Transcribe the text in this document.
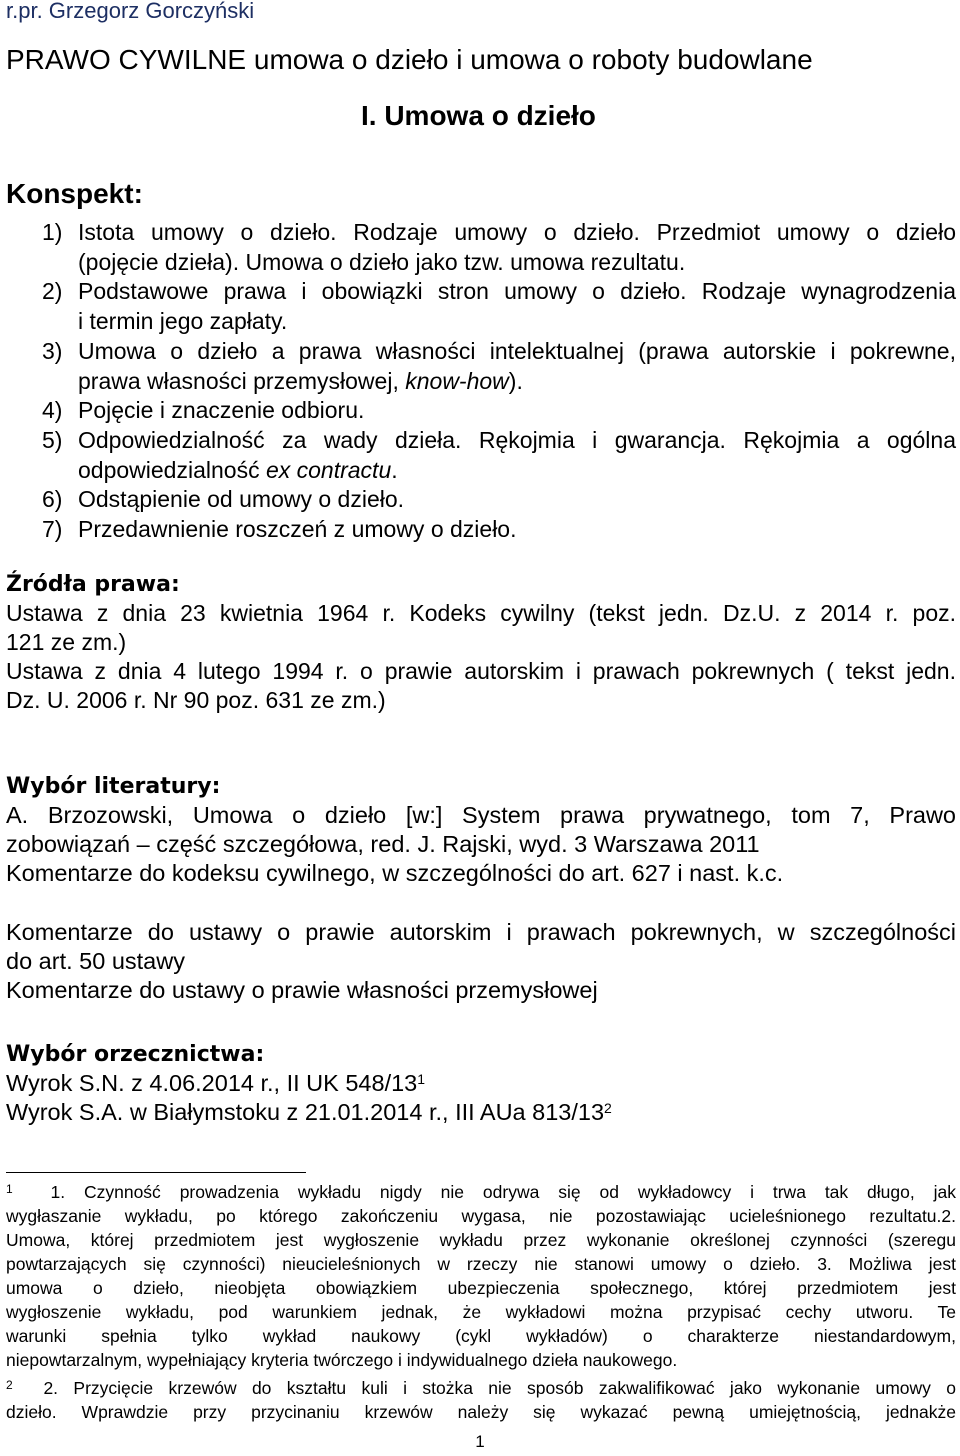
r.pr. Grzegorz Gorczyński
PRAWO CYWILNE umowa o dzieło i umowa o roboty budowlane
I. Umowa o dzieło
Konspekt:
1) Istota umowy o dzieło. Rodzaje umowy o dzieło. Przedmiot umowy o dzieło
(pojęcie dzieła). Umowa o dzieło jako tzw. umowa rezultatu.
2) Podstawowe prawa i obowiązki stron umowy o dzieło. Rodzaje wynagrodzenia
i termin jego zapłaty.
3) Umowa o dzieło a prawa własności intelektualnej (prawa autorskie i pokrewne,
prawa własności przemysłowej, know-how).
4) Pojęcie i znaczenie odbioru.
5) Odpowiedzialność za wady dzieła. Rękojmia i gwarancja. Rękojmia a ogólna
odpowiedzialność ex contractu.
6) Odstąpienie od umowy o dzieło.
7) Przedawnienie roszczeń z umowy o dzieło.
Źródła prawa:
Ustawa z dnia 23 kwietnia 1964 r. Kodeks cywilny (tekst jedn. Dz.U. z 2014 r. poz.
121 ze zm.)
Ustawa z dnia 4 lutego 1994 r. o prawie autorskim i prawach pokrewnych ( tekst jedn.
Dz. U. 2006 r. Nr 90 poz. 631 ze zm.)
Wybór literatury:
A. Brzozowski, Umowa o dzieło [w:] System prawa prywatnego, tom 7, Prawo
zobowiązań – część szczegółowa, red. J. Rajski, wyd. 3 Warszawa 2011
Komentarze do kodeksu cywilnego, w szczególności do art. 627 i nast. k.c.
Komentarze do ustawy o prawie autorskim i prawach pokrewnych, w szczególności
do art. 50 ustawy
Komentarze do ustawy o prawie własności przemysłowej
Wybór orzecznictwa:
Wyrok S.N. z 4.06.2014 r., II UK $548/13^1$
Wyrok S.A. w Białymstoku z 21.01.2014 r., III AUa $813/13^2$
$^1$ 1. Czynność prowadzenia wykładu nigdy nie odrywa się od wykładowcy i trwa tak długo, jak
wygłaszanie wykładu, po którego zakończeniu wygasa, nie pozostawiając ucieleśnionego rezultatu.2.
Umowa, której przedmiotem jest wygłoszenie wykładu przez wykonanie określonej czynności (szeregu
powtarzających się czynności) nieucieleśnionych w rzeczy nie stanowi umowy o dzieło. 3. Możliwa jest
umowa o dzieło, nieobjęta obowiązkiem ubezpieczenia społecznego, której przedmiotem jest
wygłoszenie wykładu, pod warunkiem jednak, że wykładowi można przypisać cechy utworu. Te
warunki spełnia tylko wykład naukowy (cykl wykładów) o charakterze niestandardowym,
niepowtarzalnym, wypełniający kryteria twórczego i indywidualnego dzieła naukowego.
$^2$ 2. Przycięcie krzewów do kształtu kuli i stożka nie sposób zakwalifikować jako wykonanie umowy o
dzieło. Wprawdzie przy przycinaniu krzewów należy się wykazać pewną umiejętnością, jednakże
1
